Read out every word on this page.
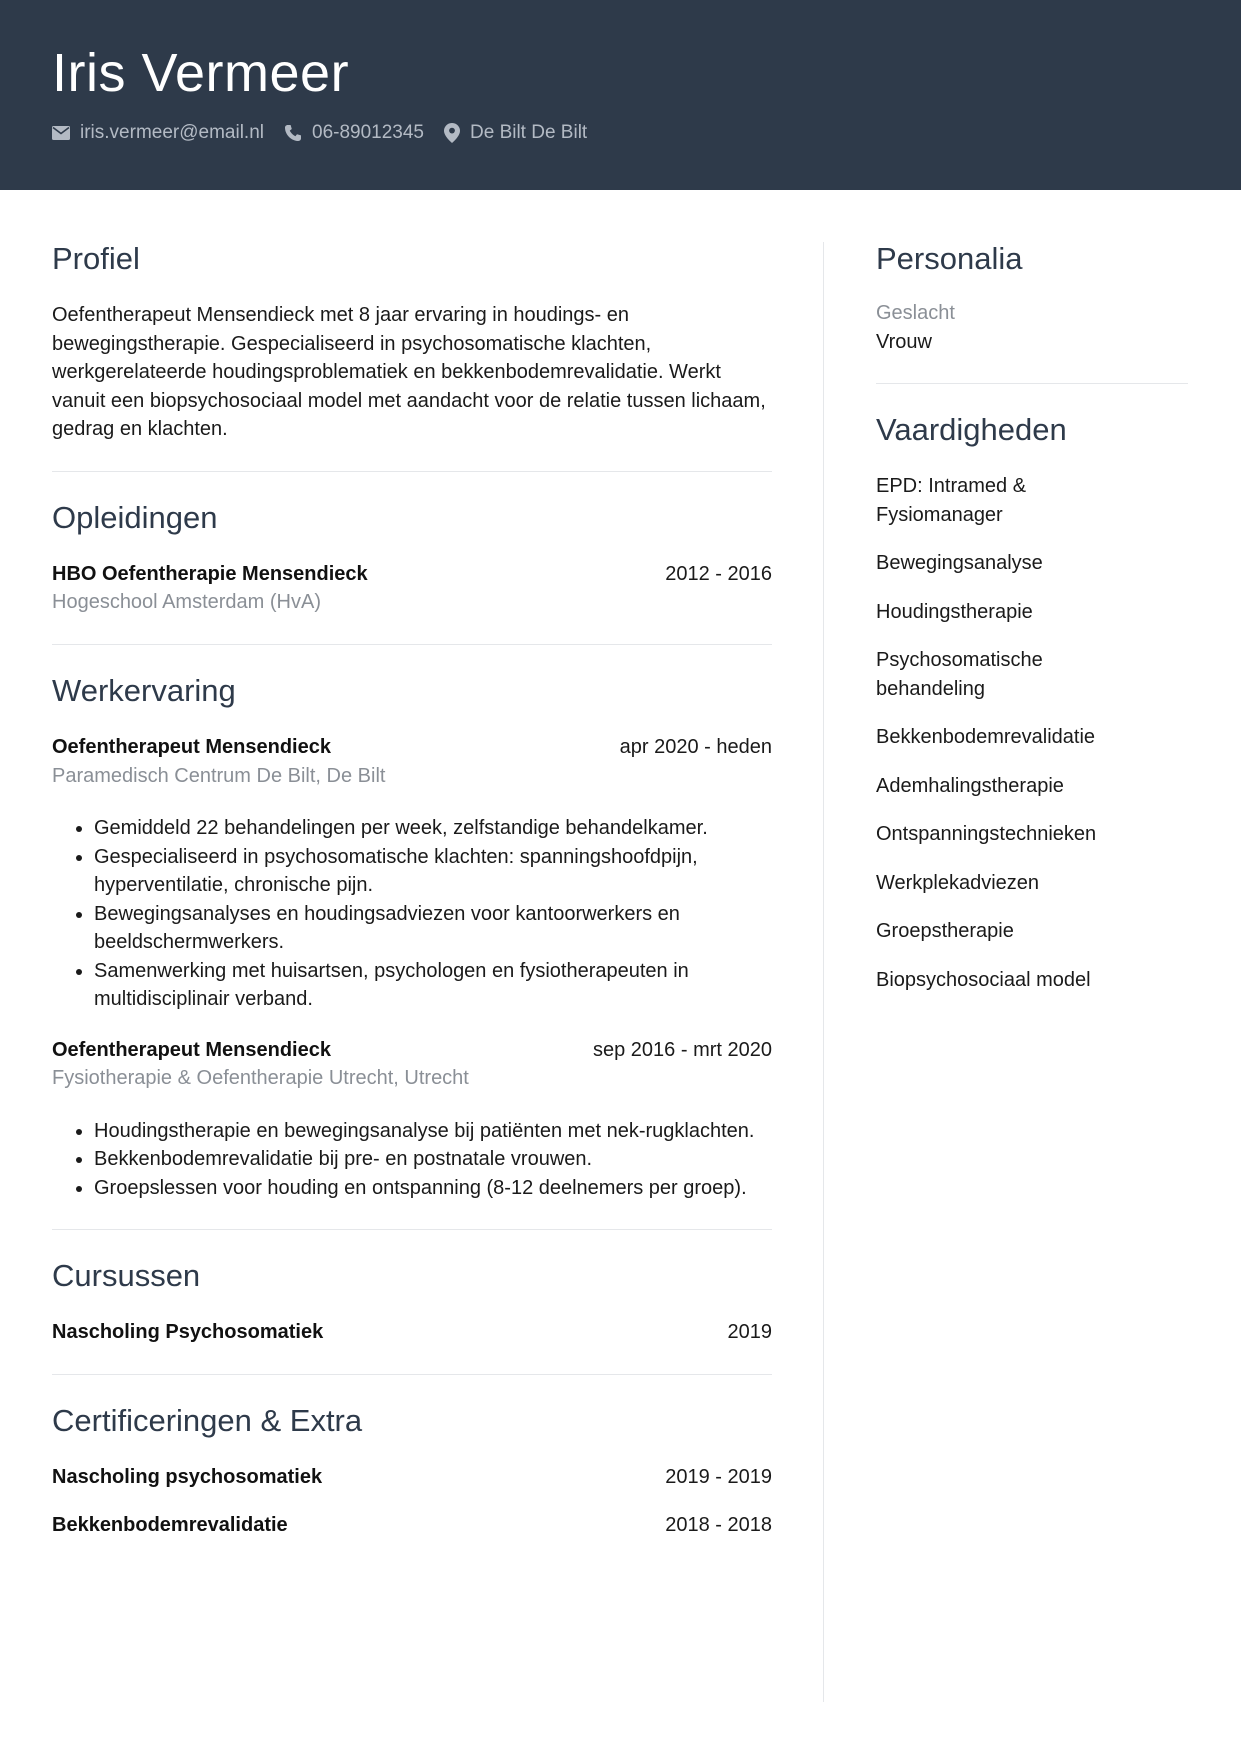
Iris Vermeer
iris.vermeer@email.nl	06-89012345 De Bilt De Bilt
Profiel

Oefentherapeut Mensendieck met 8 jaar ervaring in houdings- en bewegingstherapie. Gespecialiseerd in psychosomatische klachten, werkgerelateerde houdingsproblematiek en bekkenbodemrevalidatie. Werkt vanuit een biopsychosociaal model met aandacht voor de relatie tussen lichaam, gedrag en klachten.

Opleidingen
HBO Oefentherapie Mensendieck	2012 - 2016
Hogeschool Amsterdam (HvA)
Werkervaring
Oefentherapeut Mensendieck	apr 2020 - heden
Paramedisch Centrum De Bilt, De Bilt
• Gemiddeld 22 behandelingen per week, zelfstandige behandelkamer.
• Gespecialiseerd in psychosomatische klachten: spanningshoofdpijn, hyperventilatie, chronische pijn.
• Bewegingsanalyses en houdingsadviezen voor kantoorwerkers en beeldschermwerkers.
• Samenwerking met huisartsen, psychologen en fysiotherapeuten in multidisciplinair verband.
Oefentherapeut Mensendieck	sep 2016 - mrt 2020
Fysiotherapie & Oefentherapie Utrecht, Utrecht
• Houdingstherapie en bewegingsanalyse bij patiënten met nek-rugklachten.
• Bekkenbodemrevalidatie bij pre- en postnatale vrouwen.
• Groepslessen voor houding en ontspanning (8-12 deelnemers per groep).
Cursussen
Nascholing Psychosomatiek	2019
Certificeringen & Extra
Nascholing psychosomatiek	2019 - 2019
Bekkenbodemrevalidatie	2018 - 2018
Personalia
Geslacht
Vrouw
Vaardigheden
EPD: Intramed & Fysiomanager
Bewegingsanalyse
Houdingstherapie
Psychosomatische behandeling
Bekkenbodemrevalidatie
Ademhalingstherapie
Ontspanningstechnieken
Werkplekadviezen
Groepstherapie
Biopsychosociaal model
